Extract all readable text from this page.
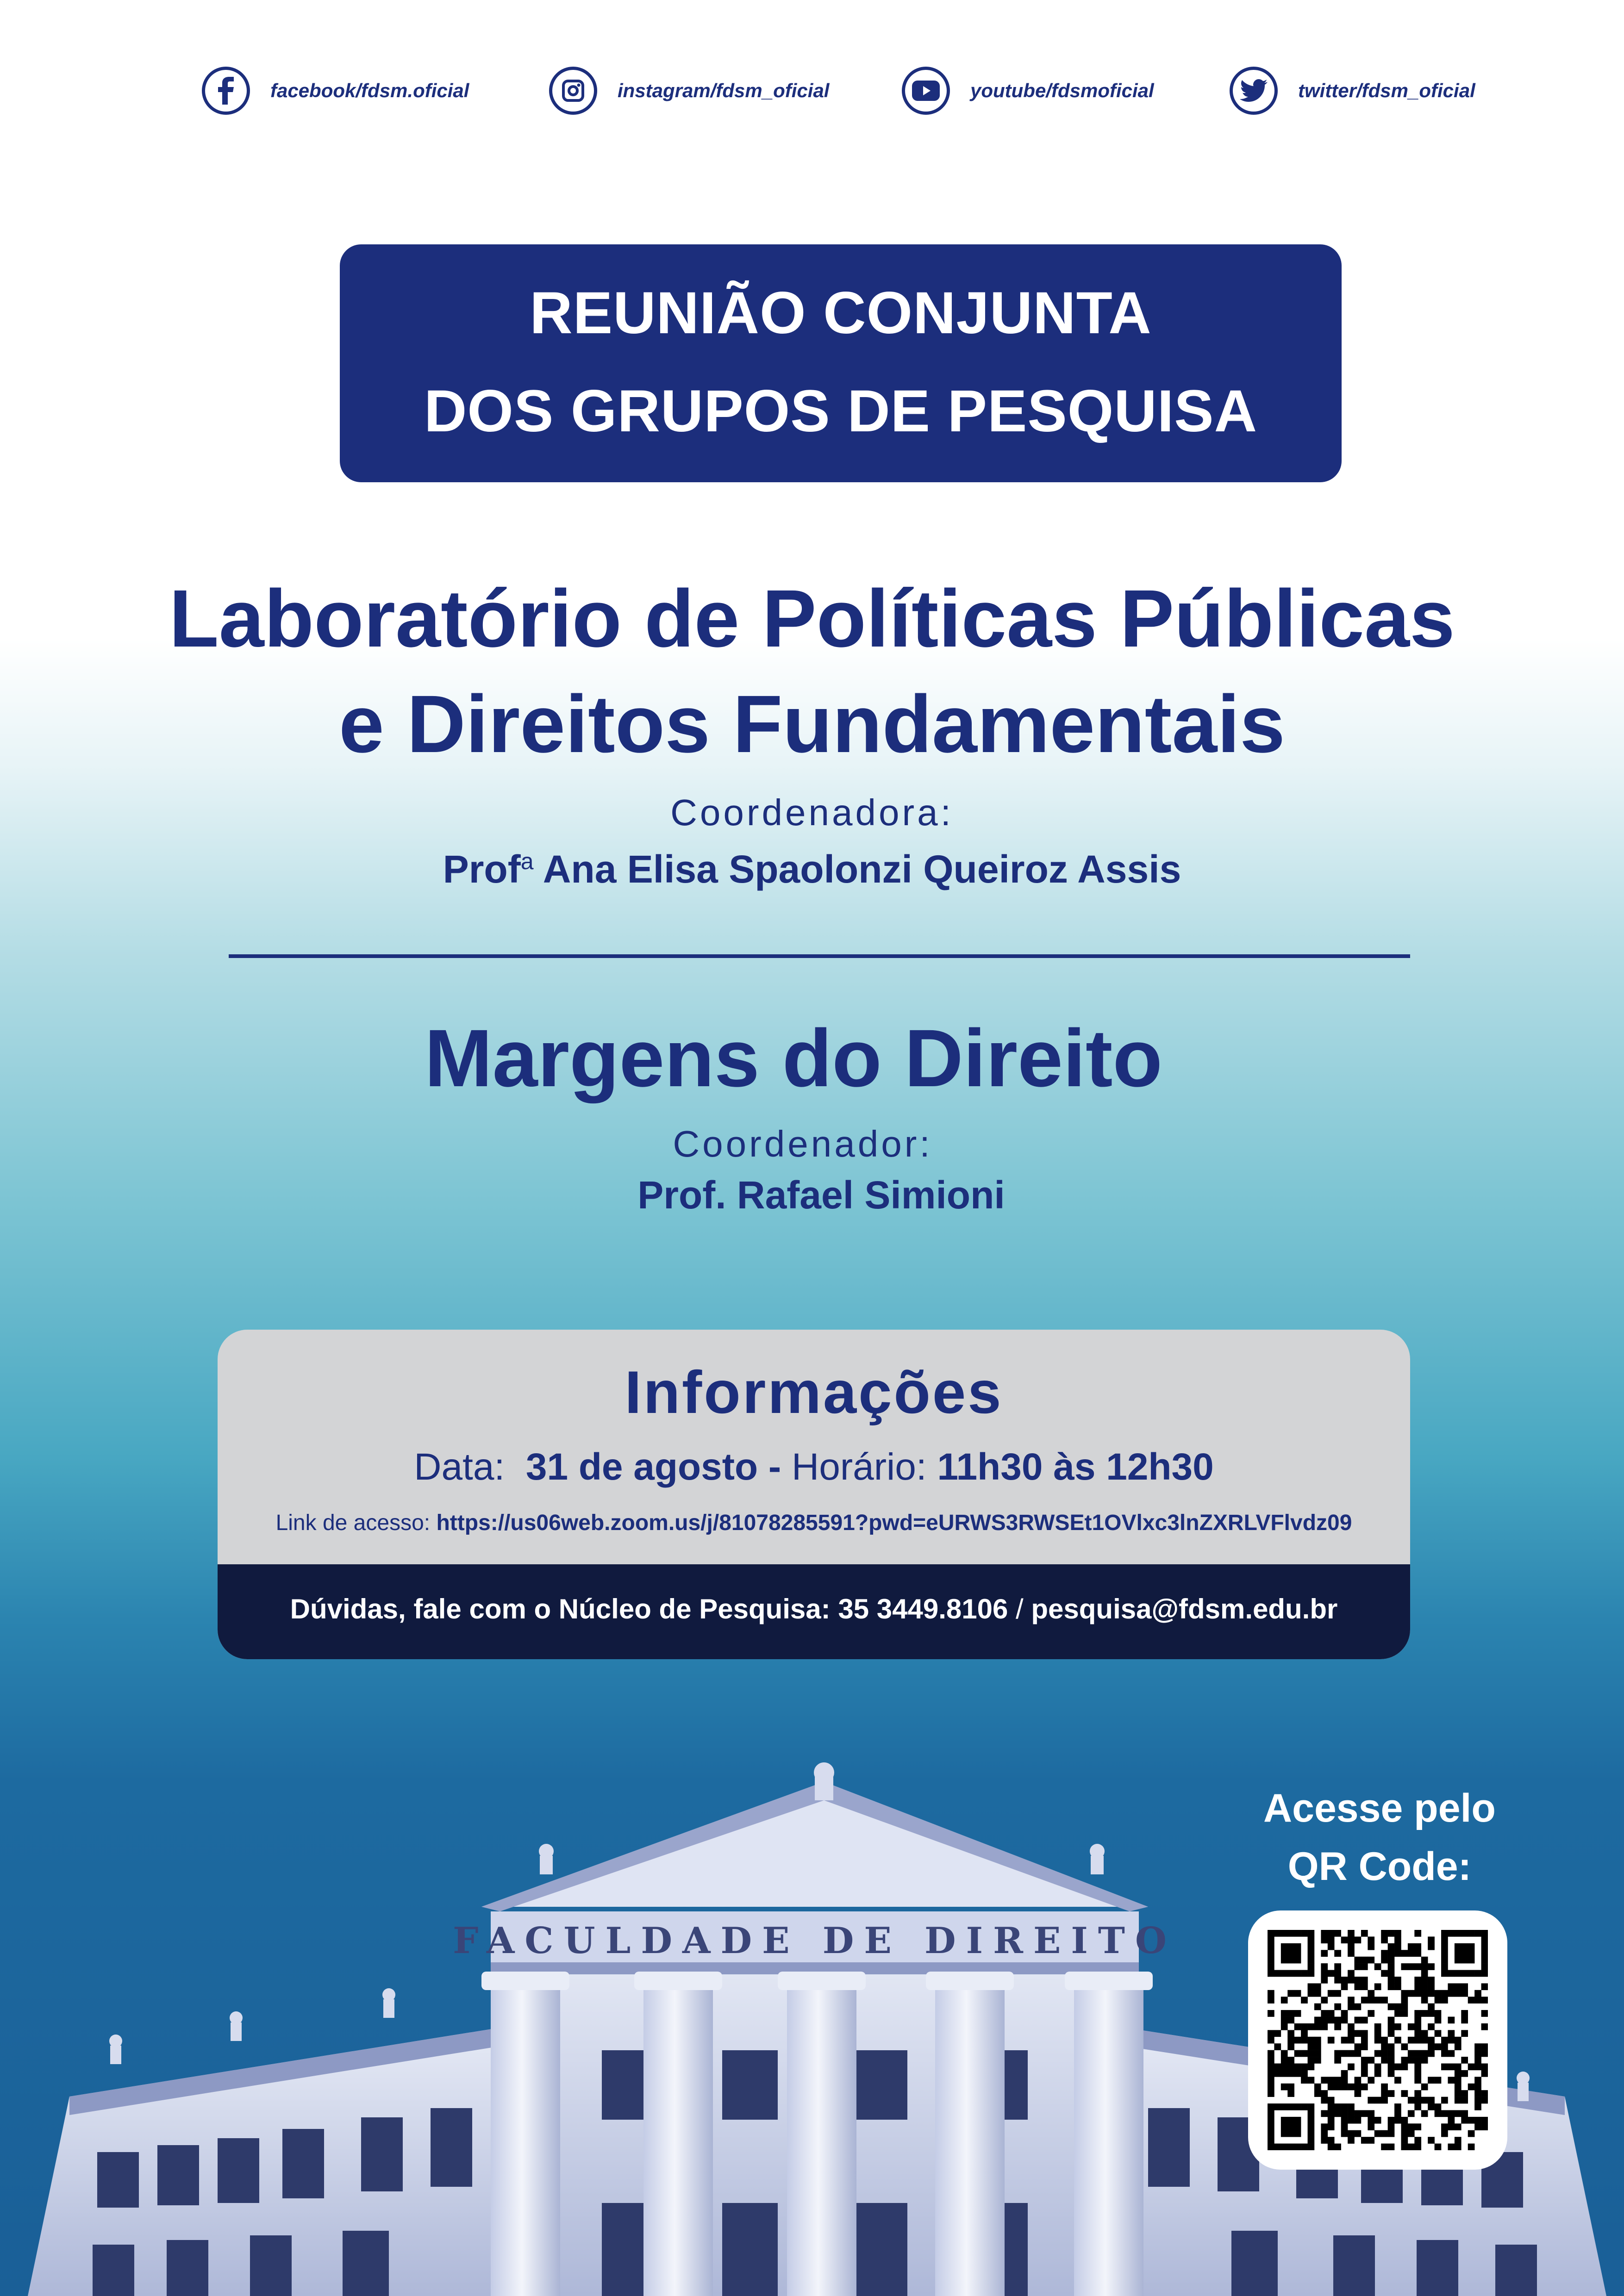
facebook/fdsm.oficial	instagram/fdsm_oficial	youtube/fdsmoficial	twitter/fdsm_oficial
REUNIÃO CONJUNTA
DOS GRUPOS DE PESQUISA
Laboratório de Políticas Públicas
e Direitos Fundamentais
Coordenadora:
Prof$^a$ Ana Elisa Spaolonzi Queiroz Assis
Margens do Direito
Coordenador:
Prof. Rafael Simioni
Informações
Data: 31 de agosto - Horário: 11h30 às 12h30
Link de acesso: https://us06web.zoom.us/j/81078285591?pwd=eURWS3RWSEt1OVlxc3lnZXRLVFlvdz09
Dúvidas, fale com o Núcleo de Pesquisa: 35 3449.8106 / pesquisa@fdsm.edu.br
FACULDADE DE DIREITO
Acesse pelo
QR Code:
